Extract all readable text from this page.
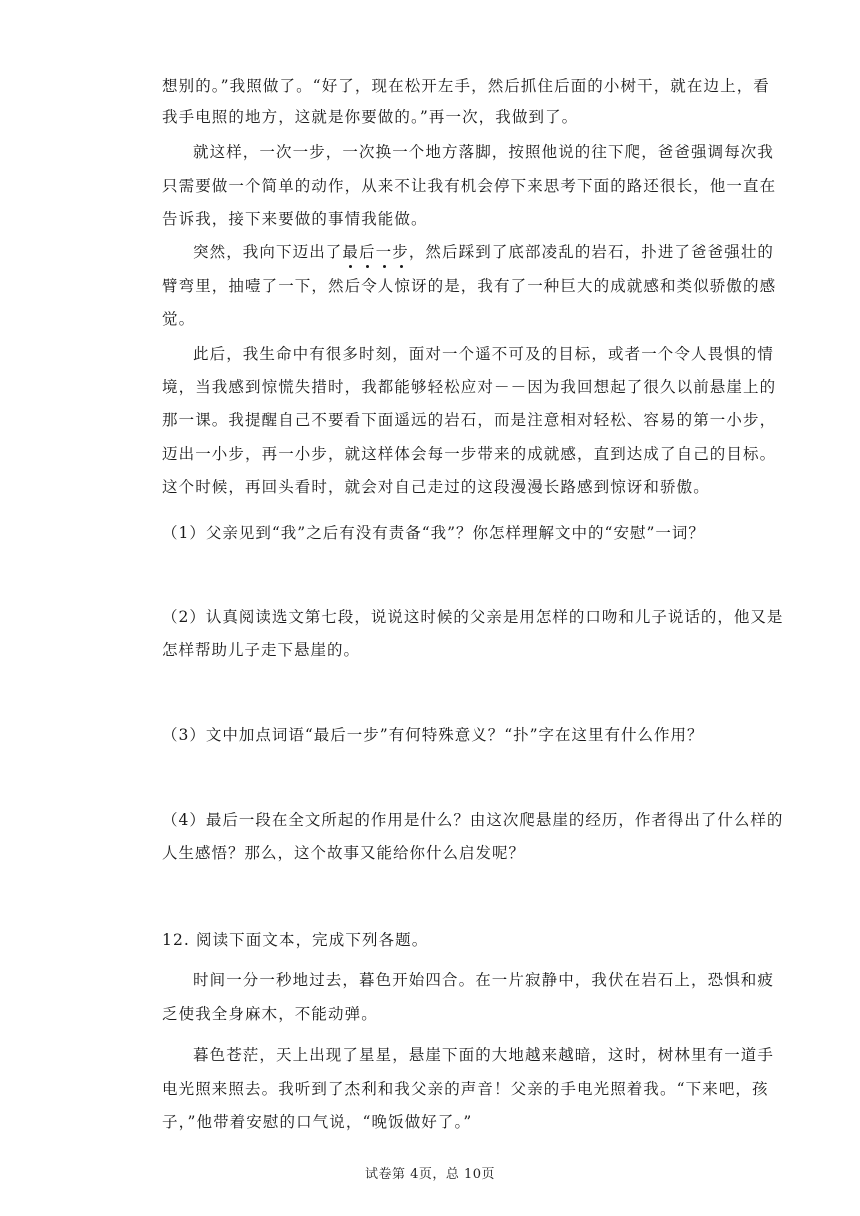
想别的。”我照做了。“好了，现在松开左手，然后抓住后面的小树干，就在边上，看
我手电照的地方，这就是你要做的。”再一次，我做到了。
就这样，一次一步，一次换一个地方落脚，按照他说的往下爬，爸爸强调每次我
只需要做一个简单的动作，从来不让我有机会停下来思考下面的路还很长，他一直在
告诉我，接下来要做的事情我能做。
突然，我向下迈出了最后一步
，然后踩到了底部凌乱的岩石，扑进了爸爸强壮的
臂弯里，抽噎了一下，然后令人惊讶的是，我有了一种巨大的成就感和类似骄傲的感
觉。
此后，我生命中有很多时刻，面对一个遥不可及的目标，或者一个令人畏惧的情
境，当我感到惊慌失措时，我都能够轻松应对－－因为我回想起了很久以前悬崖上的
那一课。我提醒自己不要看下面遥远的岩石，而是注意相对轻松、容易的第一小步，
迈出一小步，再一小步，就这样体会每一步带来的成就感，直到达成了自己的目标。
这个时候，再回头看时，就会对自己走过的这段漫漫长路感到惊讶和骄傲。
（1）父亲见到“我”之后有没有责备“我”？你怎样理解文中的“安慰”一词？
（2）认真阅读选文第七段，说说这时候的父亲是用怎样的口吻和儿子说话的，他又是
怎样帮助儿子走下悬崖的。
（3）文中加点词语“最后一步”有何特殊意义？“扑”字在这里有什么作用？
（4）最后一段在全文所起的作用是什么？由这次爬悬崖的经历，作者得出了什么样的
人生感悟？那么，这个故事又能给你什么启发呢？
12. 阅读下面文本，完成下列各题。
时间一分一秒地过去，暮色开始四合。在一片寂静中，我伏在岩石上，恐惧和疲
乏使我全身麻木，不能动弹。
暮色苍茫，天上出现了星星，悬崖下面的大地越来越暗，这时，树林里有一道手
电光照来照去。我听到了杰利和我父亲的声音！父亲的手电光照着我。“下来吧，孩
子，”他带着安慰的口气说，“晚饭做好了。”
试卷第 4页，总 10页
